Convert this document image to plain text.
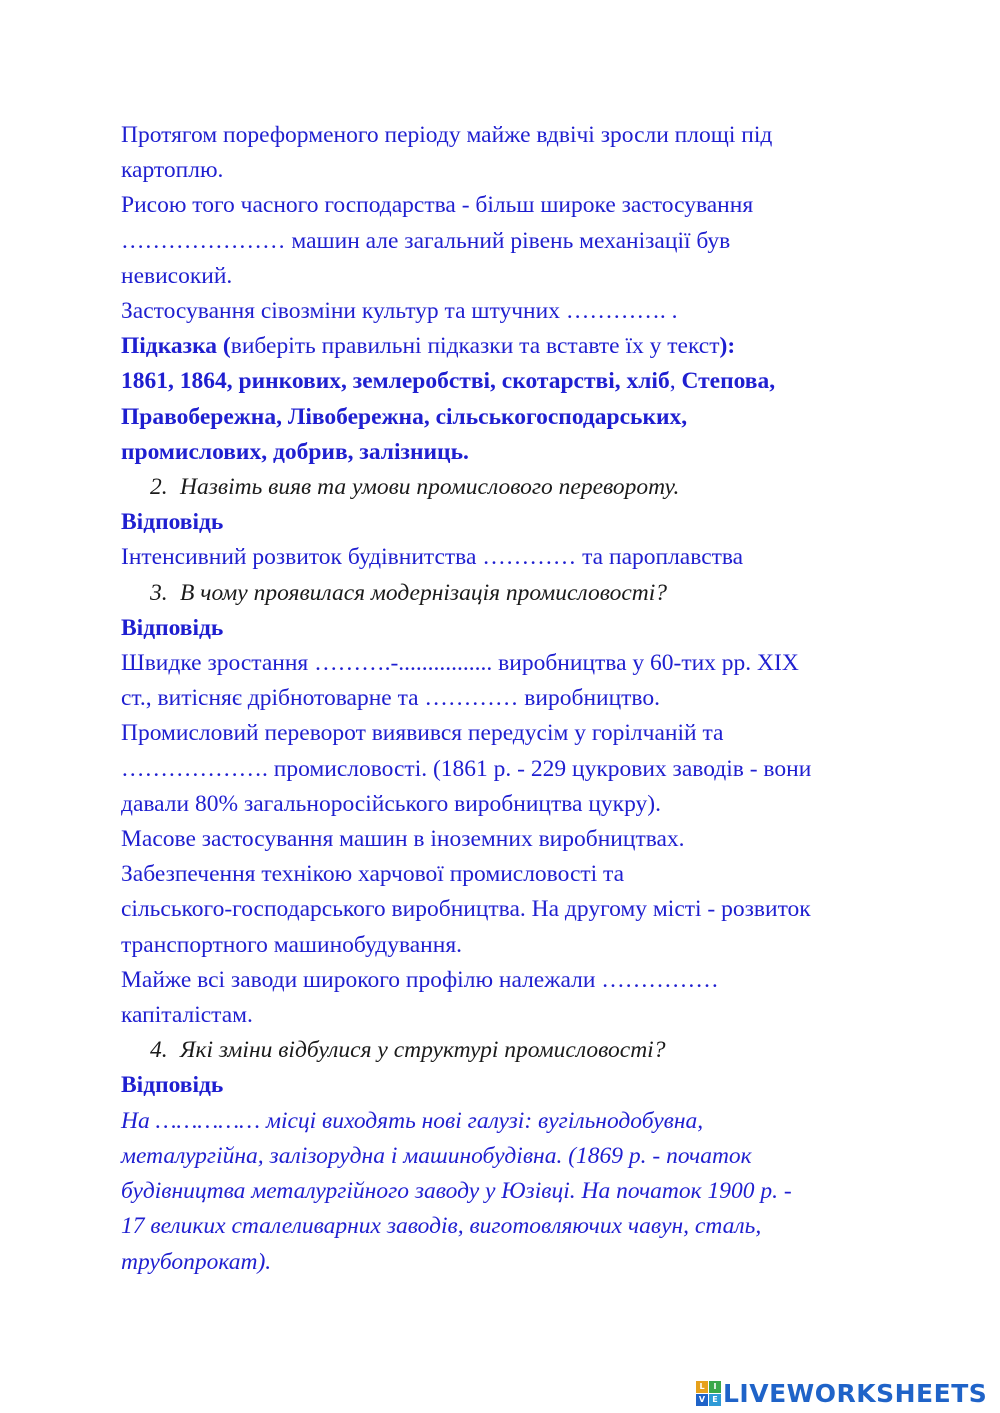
Протягом пореформеного періоду майже вдвічі зросли площі під
картоплю.
Рисою того часного господарства - більш широке застосування
………………… машин але загальний рівень механізації був
невисокий.
Застосування сівозміни культур та штучних …………. .
Підказка (виберіть правильні підказки та вставте їх у текст):
1861, 1864, ринкових, землеробстві, скотарстві, хліб, Степова,
Правобережна, Лівобережна, сільськогосподарських,
промислових, добрив, залізниць.
2. Назвіть вияв та умови промислового перевороту.
Відповідь
Інтенсивний розвиток будівнитства ………… та пароплавства
3. В чому проявилася модернізація промисловості?
Відповідь
Швидке зростання ……….-................ виробництва у 60-тих рр. XIX
ст., витісняє дрібнотоварне та ………… виробництво.
Промисловий переворот виявився передусім у горілчаній та
………………. промисловості. (1861 р. - 229 цукрових заводів - вони
давали 80% загальноросійського виробництва цукру).
Масове застосування машин в іноземних виробництвах.
Забезпечення технікою харчової промисловості та
сільського-господарського виробництва. На другому місті - розвиток
транспортного машинобудування.
Майже всі заводи широкого профілю належали ……………
капіталістам.
4. Які зміни відбулися у структурі промисловості?
Відповідь
На …………… місці виходять нові галузі: вугільнодобувна,
металургійна, залізорудна і машинобудівна. (1869 р. - початок
будівництва металургійного заводу у Юзівці. На початок 1900 р. -
17 великих сталеливарних заводів, виготовляючих чавун, сталь,
трубопрокат).
L	I
V E LIVEWORKSHEETS
